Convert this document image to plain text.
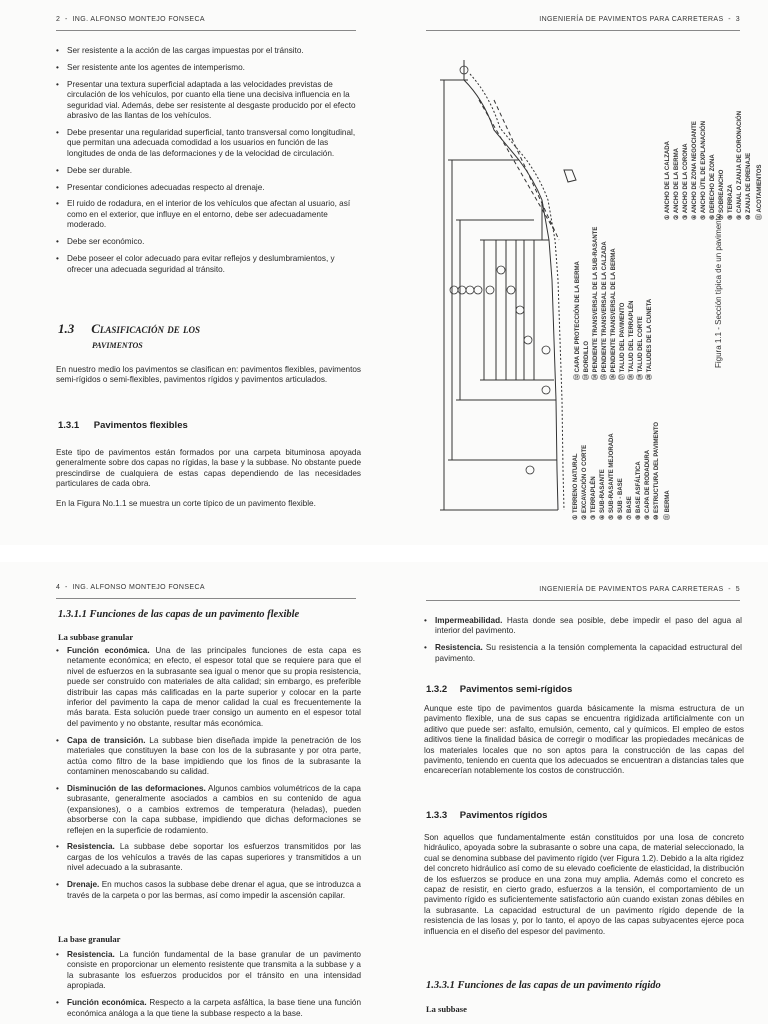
2  -  ING. ALFONSO MONTEJO FONSECA
• Ser resistente a la acción de las cargas impuestas por el tránsito.
• Ser resistente ante los agentes de intemperismo.
• Presentar una textura superficial adaptada a las velocidades previstas de circulación de los vehículos, por cuanto ella tiene una decisiva influencia en la seguridad vial. Además, debe ser resistente al desgaste producido por el efecto abrasivo de las llantas de los vehículos.
• Debe presentar una regularidad superficial, tanto transversal como longitudinal, que permitan una adecuada comodidad a los usuarios en función de las longitudes de onda de las deformaciones y de la velocidad de circulación.
• Debe ser durable.
• Presentar condiciones adecuadas respecto al drenaje.
• El ruido de rodadura, en el interior de los vehículos que afectan al usuario, así como en el exterior, que influye en el entorno, debe ser adecuadamente moderado.
• Debe ser económico.
• Debe poseer el color adecuado para evitar reflejos y deslumbramientos, y ofrecer una adecuada seguridad al tránsito.
1.3 Clasificación de los
pavimentos

En nuestro medio los pavimentos se clasifican en: pavimentos flexibles, pavimentos semi-rígidos o semi-flexibles, pavimentos rígidos y pavimentos articulados.

1.3.1 Pavimentos flexibles

Este tipo de pavimentos están formados por una carpeta bituminosa apoyada generalmente sobre dos capas no rígidas, la base y la subbase. No obstante puede prescindirse de cualquiera de estas capas dependiendo de las necesidades particulares de cada obra.

En la Figura No.1.1 se muestra un corte típico de un pavimento flexible.

INGENIERÍA DE PAVIMENTOS PARA CARRETERAS  -  3
① ANCHO DE LA CALZADA ② ANCHO DE LA BERMA ③ ANCHO DE LA CORONA ④ ANCHO DE ZONA NEGOCIANTE ⑤ ANCHO ÚTIL DE EXPLANACIÓN ⑥ DERECHO DE ZONA ⑦ SOBREANCHO ⑧ TERRAZA ⑨ CANAL O ZANJA DE CORONACIÓN ⑩ ZANJA DE DRENAJE ⑪ ACOTAMIENTOS
⑫ CAPA DE PROTECCIÓN DE LA BERMA ⑬ BORDILLO ⑭ PENDIENTE TRANSVERSAL DE LA SUB-RASANTE ⑮ PENDIENTE TRANSVERSAL DE LA CALZADA ⑯ PENDIENTE TRANSVERSAL DE LA BERMA ⑰ TALUD DEL PAVIMENTO ⑱ TALUD DEL TERRAPLÉN ⑲ TALUD DEL CORTE ⑳ TALUDES DE LA CUNETA
① TERRENO NATURAL ② EXCAVACIÓN O CORTE ③ TERRAPLÉN ④ SUB-RASANTE ⑤ SUB-RASANTE MEJORADA ⑥ SUB - BASE ⑦ BASE ⑧ BASE ASFÁLTICA ⑨ CAPA DE RODADURA ⑩ ESTRUCTURA DEL PAVIMENTO ⑪ BERMA
Figura 1.1 - Sección típica de un pavimento
4  -  ING. ALFONSO MONTEJO FONSECA
1.3.1.1 Funciones de las capas de un pavimento flexible
La subbase granular
• Función económica. Una de las principales funciones de esta capa es netamente económica; en efecto, el espesor total que se requiere para que el nivel de esfuerzos en la subrasante sea igual o menor que su propia resistencia, puede ser construido con materiales de alta calidad; sin embargo, es preferible distribuir las capas más calificadas en la parte superior y colocar en la parte inferior del pavimento la capa de menor calidad la cual es frecuentemente la más barata. Esta solución puede traer consigo un aumento en el espesor total del pavimento y no obstante, resultar más económica.
• Capa de transición. La subbase bien diseñada impide la penetración de los materiales que constituyen la base con los de la subrasante y por otra parte, actúa como filtro de la base impidiendo que los finos de la subrasante la contaminen menoscabando su calidad.
• Disminución de las deformaciones. Algunos cambios volumétricos de la capa subrasante, generalmente asociados a cambios en su contenido de agua (expansiones), o a cambios extremos de temperatura (heladas), pueden absorberse con la capa subbase, impidiendo que dichas deformaciones se reflejen en la superficie de rodamiento.
• Resistencia. La subbase debe soportar los esfuerzos transmitidos por las cargas de los vehículos a través de las capas superiores y transmitidos a un nivel adecuado a la subrasante.
• Drenaje. En muchos casos la subbase debe drenar el agua, que se introduzca a través de la carpeta o por las bermas, así como impedir la ascensión capilar.
La base granular
• Resistencia. La función fundamental de la base granular de un pavimento consiste en proporcionar un elemento resistente que transmita a la subbase y a la subrasante los esfuerzos producidos por el tránsito en una intensidad apropiada.
• Función económica. Respecto a la carpeta asfáltica, la base tiene una función económica análoga a la que tiene la subbase respecto a la base.
INGENIERÍA DE PAVIMENTOS PARA CARRETERAS  -  5
• Impermeabilidad. Hasta donde sea posible, debe impedir el paso del agua al interior del pavimento.
• Resistencia. Su resistencia a la tensión complementa la capacidad estructural del pavimento.
1.3.2 Pavimentos semi-rígidos

Aunque este tipo de pavimentos guarda básicamente la misma estructura de un pavimento flexible, una de sus capas se encuentra rigidizada artificialmente con un aditivo que puede ser: asfalto, emulsión, cemento, cal y químicos. El empleo de estos aditivos tiene la finalidad básica de corregir o modificar las propiedades mecánicas de los materiales locales que no son aptos para la construcción de las capas del pavimento, teniendo en cuenta que los adecuados se encuentran a distancias tales que encarecerían notablemente los costos de construcción.

1.3.3 Pavimentos rígidos

Son aquellos que fundamentalmente están constituidos por una losa de concreto hidráulico, apoyada sobre la subrasante o sobre una capa, de material seleccionado, la cual se denomina subbase del pavimento rígido (ver Figura 1.2). Debido a la alta rigidez del concreto hidráulico así como de su elevado coeficiente de elasticidad, la distribución de los esfuerzos se produce en una zona muy amplia. Además como el concreto es capaz de resistir, en cierto grado, esfuerzos a la tensión, el comportamiento de un pavimento rígido es suficientemente satisfactorio aún cuando existan zonas débiles en la subrasante. La capacidad estructural de un pavimento rígido depende de la resistencia de las losas y, por lo tanto, el apoyo de las capas subyacentes ejerce poca influencia en el diseño del espesor del pavimento.

1.3.3.1 Funciones de las capas de un pavimento rígido
La subbase
